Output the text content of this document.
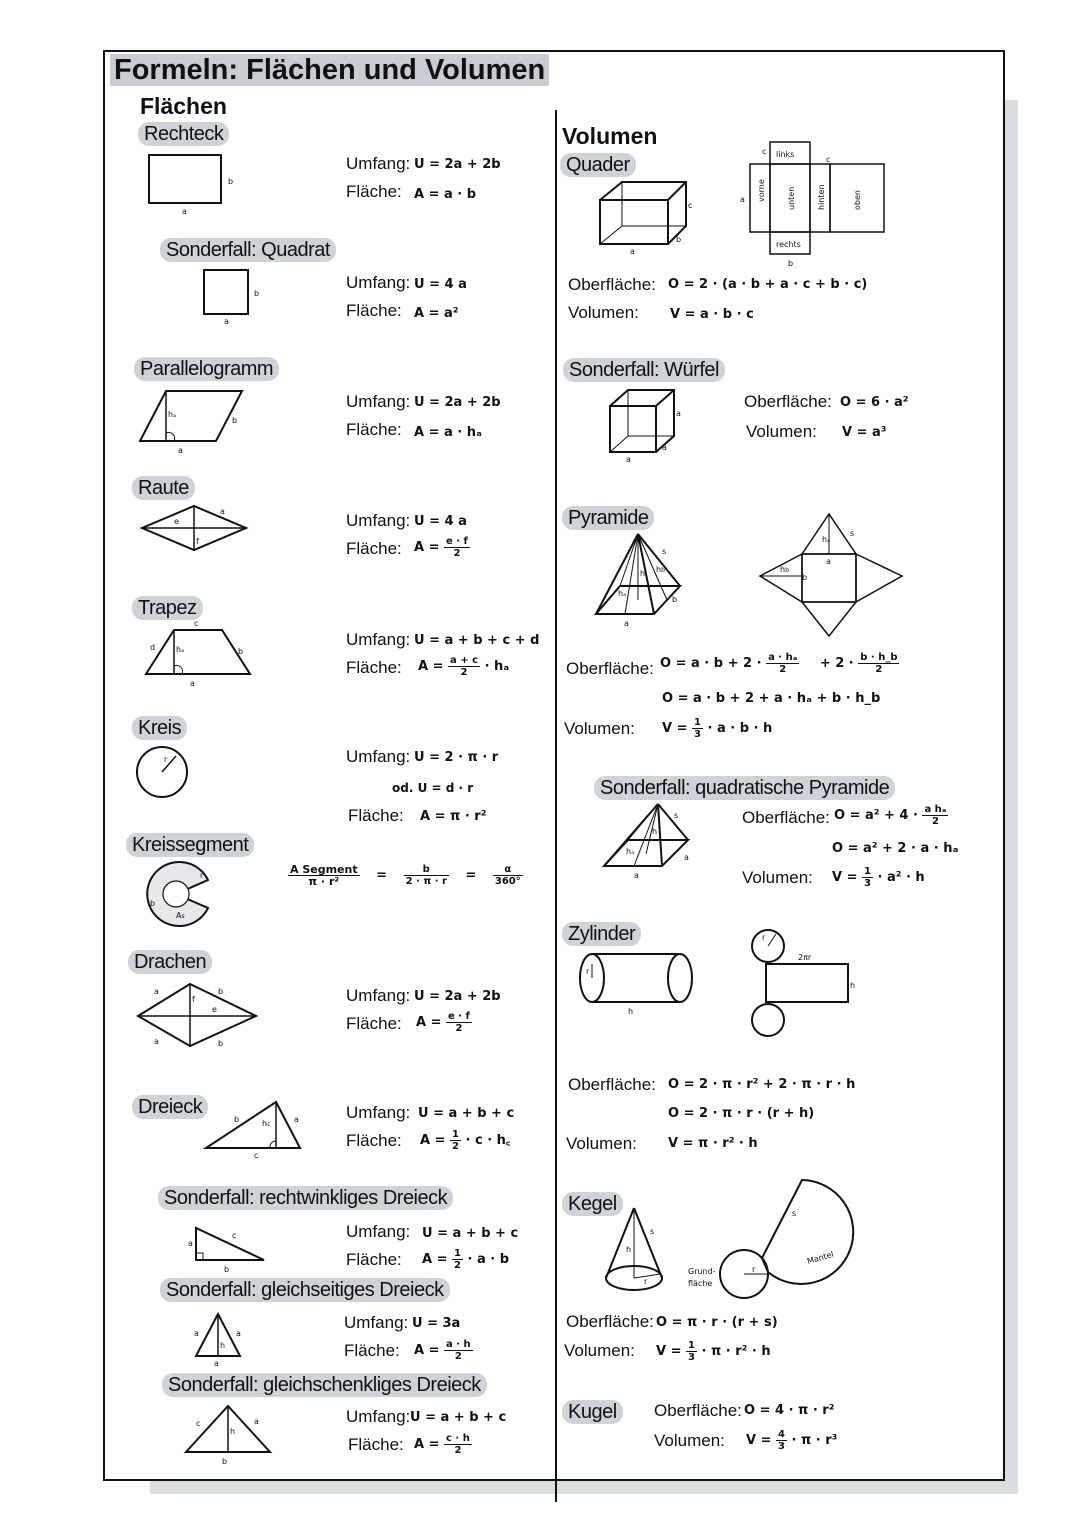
Formeln: Flächen und Volumen
Flächen
Rechteck
b
a
Umfang: U = 2a + 2b
Fläche: A = a · b
Sonderfall: Quadrat
b
a
Umfang: U = 4 a
Fläche: A = a²
Parallelogramm
hₐ
b
a
Umfang: U = 2a + 2b
Fläche: A = a · hₐ
Raute
e
f
a	Umfang: U = 4 a
Fläche: $A = \frac{e \cdot f}{2}$
Trapez
c
d	hₐ	b
a
Umfang: U = a + b + c + d
Fläche: $A = \frac{a + c}{2} \cdot h_a$
Kreis
r	Umfang: U = 2 · π · r
od. U = d · r
Fläche: A = π · r²
Kreissegment
r
b
As
$\frac{\text{A Segment}}{\text{π · r²}} = \frac{b}{2 \cdot \pi \cdot r} = \frac{\alpha}{360^\circ}$
Drachen
a	b
f
e
a	b
Umfang: U = 2a + 2b
Fläche: $A = \frac{e \cdot f}{2}$
Dreieck
b	hc
a
c
Umfang: U = a + b + c
Fläche: $A = \frac{1}{2} \cdot c$ · h꜀
Sonderfall: rechtwinkliges Dreieck
a
c
b
Umfang: U = a + b + c
Fläche: $A = \frac{1}{2} \cdot a \cdot b$
Sonderfall: gleichseitiges Dreieck
a
h
a
a
Umfang: U = 3a
Fläche: $A = \frac{a \cdot h}{2}$
Sonderfall: gleichschenkliges Dreieck
c
h
a
b
Umfang: U = a + b + c
Fläche: $A = \frac{c \cdot h}{2}$
Volumen
Quader
c
b
a
links
vorne	unten	hinten	oben
rechts
c
c
a
b
Oberfläche: O = 2 · (a · b + a · c + b · c)
Volumen: V = a · b · c
Sonderfall: Würfel
a
a
a
Oberfläche: O = 6 · a²
Volumen: V = a³
Pyramide
s
hₐ
h hb
b
a
s
hₐ
hb
a
b
Oberfläche: $O = a \cdot b + 2 \cdot \frac{\text{a · hₐ}}{2} + 2 \cdot \frac{b \cdot h\_b}{2}$
O = a · b + 2 + a · hₐ + b · h_b
Volumen: $V = \frac{1}{3} \cdot a \cdot b \cdot h$
Sonderfall: quadratische Pyramide
s
hₐ
h
a
a
Oberfläche: $O = a^2 + 4 \cdot \frac{\text{a hₐ}}{2}$
O = a² + 2 · a · hₐ
Volumen: $V = \frac{1}{3} \cdot a^2 \cdot h$
Zylinder
r
h
2πr
h
r
Oberfläche: O = 2 · π · r² + 2 · π · r · h
O = 2 · π · r · (r + h)
Volumen: V = π · r² · h
Kegel
h
s
r
Grund-
fläche
Mantel
s
r
Oberfläche: O = π · r · (r + s)
Volumen: $V = \frac{1}{3} \cdot \pi \cdot r^2 \cdot h$
Kugel	Oberfläche: O = 4 · π · r²
Volumen: $V = \frac{4}{3} \cdot \pi \cdot r^3$
